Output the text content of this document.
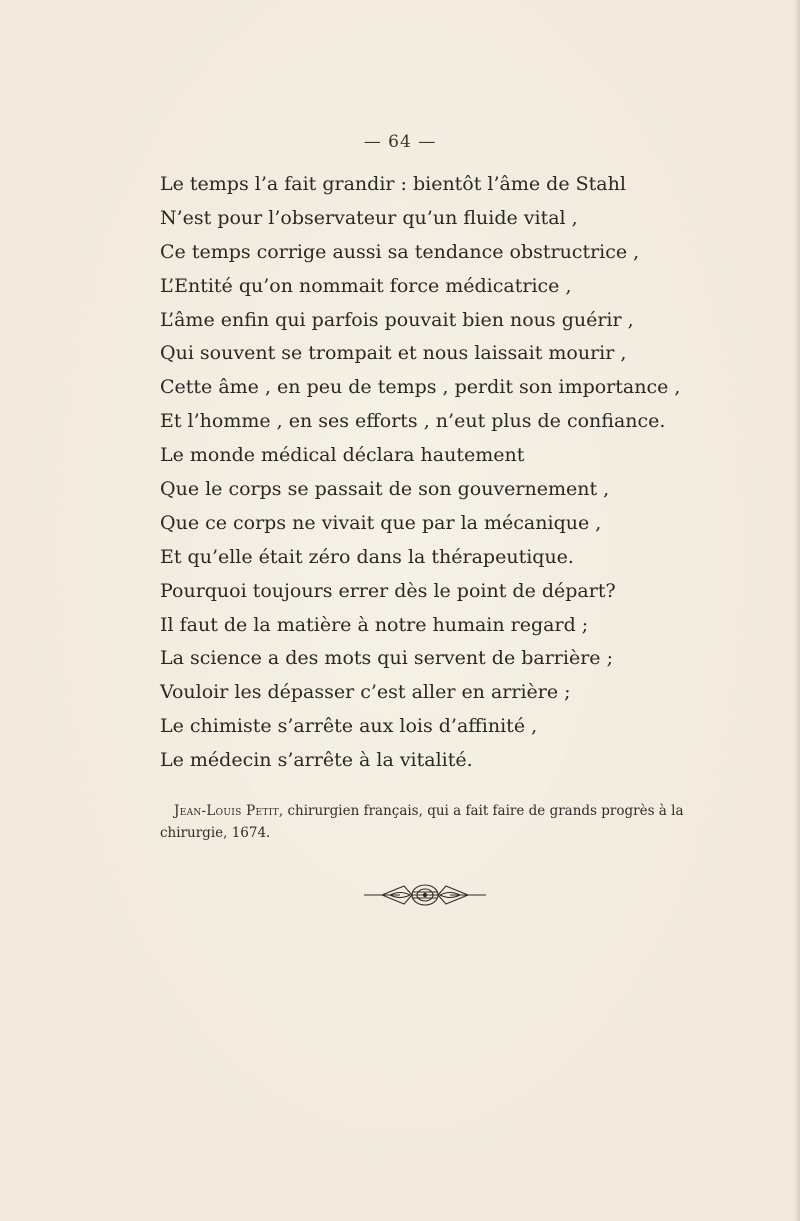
— 64 —
Le temps l’a fait grandir : bientôt l’âme de Stahl
N’est pour l’observateur qu’un fluide vital ,
Ce temps corrige aussi sa tendance obstructrice ,
L’Entité qu’on nommait force médicatrice ,
L’âme enfin qui parfois pouvait bien nous guérir ,
Qui souvent se trompait et nous laissait mourir ,
Cette âme , en peu de temps , perdit son importance ,
Et l’homme , en ses efforts , n’eut plus de confiance.
Le monde médical déclara hautement
Que le corps se passait de son gouvernement ,
Que ce corps ne vivait que par la mécanique ,
Et qu’elle était zéro dans la thérapeutique.
Pourquoi toujours errer dès le point de départ?
Il faut de la matière à notre humain regard ;
La science a des mots qui servent de barrière ;
Vouloir les dépasser c’est aller en arrière ;
Le chimiste s’arrête aux lois d’affinité ,
Le médecin s’arrête à la vitalité.
Jean-Louis Petit, chirurgien français, qui a fait faire de grands progrès à la chirurgie, 1674.
